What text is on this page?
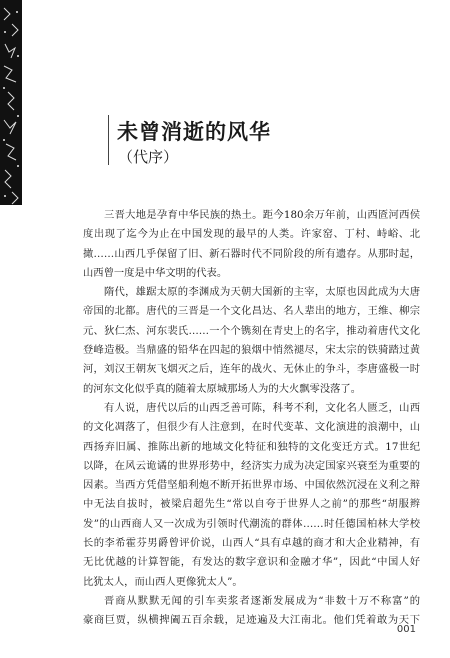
未曾消逝的风华
（代序）
三晋大地是孕育中华民族的热土。距今180余万年前，山西匼河西侯
度出现了迄今为止在中国发现的最早的人类。许家窑、丁村、峙峪、北
撖……山西几乎保留了旧、新石器时代不同阶段的所有遗存。从那时起，
山西曾一度是中华文明的代表。
隋代，雄踞太原的李渊成为天朝大国新的主宰，太原也因此成为大唐
帝国的北都。唐代的三晋是一个文化昌达、名人辈出的地方，王维、柳宗
元、狄仁杰、河东裴氏……一个个镌刻在青史上的名字，推动着唐代文化
登峰造极。当鼎盛的铅华在四起的狼烟中悄然褪尽，宋太宗的铁骑踏过黄
河，刘汉王朝灰飞烟灭之后，连年的战火、无休止的争斗，李唐盛极一时
的河东文化似乎真的随着太原城那场人为的大火飘零没落了。
有人说，唐代以后的山西乏善可陈，科考不利，文化名人匮乏，山西
的文化凋落了，但很少有人注意到，在时代变革、文化演进的浪潮中，山
西扬弃旧属、推陈出新的地域文化特征和独特的文化变迁方式。17世纪
以降，在风云诡谲的世界形势中，经济实力成为决定国家兴衰至为重要的
因素。当西方凭借坚船利炮不断开拓世界市场、中国依然沉浸在义利之辩
中无法自拔时，被梁启超先生“常以自夸于世界人之前”的那些“胡服辫
发”的山西商人又一次成为引领时代潮流的群体……时任德国柏林大学校
长的李希霍芬男爵曾评价说，山西人“具有卓越的商才和大企业精神，有
无比优越的计算智能，有发达的数字意识和金融才华”，因此“中国人好
比犹太人，而山西人更像犹太人”。
晋商从默默无闻的引车卖浆者逐渐发展成为“非数十万不称富”的
豪商巨贾，纵横捭阖五百余载，足迹遍及大江南北。他们凭着敢为天下
001
